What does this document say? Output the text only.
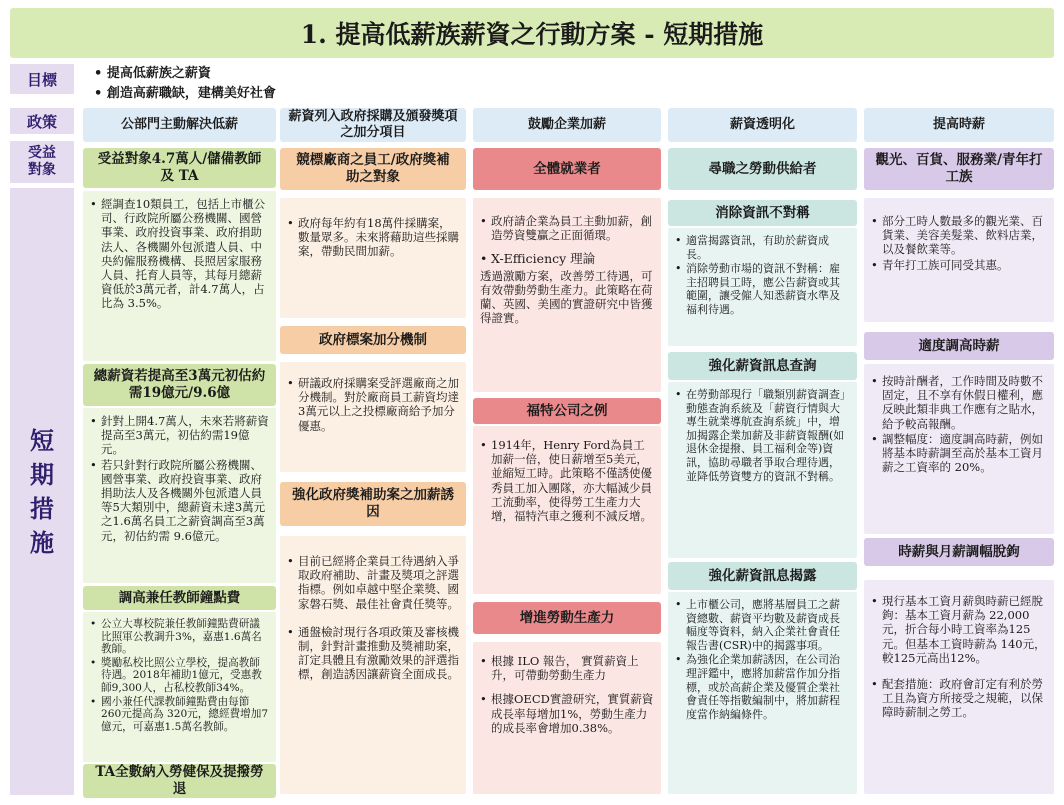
1. 提高低薪族薪資之行動方案 - 短期措施
目標
政策
受益對象
短期措施
• 提高低薪族之薪資
• 創造高薪職缺，建構美好社會
公部門主動解決低薪
薪資列入政府採購及頒發獎項之加分項目
鼓勵企業加薪	薪資透明化	提高時薪
受益對象4.7萬人/儲備教師及 TA
• 經調查10類員工，包括上市櫃公司、行政院所屬公務機關、國營事業、政府投資事業、政府捐助法人、各機關外包派遣人員、中央約僱服務機構、長照居家服務人員、托育人員等，其每月總薪資低於3萬元者，計4.7萬人，占比為 3.5%。
總薪資若提高至3萬元初估約需19億元/9.6億
• 針對上開4.7萬人，未來若將薪資提高至3萬元，初估約需19億元。
• 若只針對行政院所屬公務機關、國營事業、政府投資事業、政府捐助法人及各機關外包派遣人員等5大類別中，總薪資未達3萬元之1.6萬名員工之薪資調高至3萬元，初估約需 9.6億元。
調高兼任教師鐘點費
• 公立大專校院兼任教師鐘點費研議比照軍公教調升3%，嘉惠1.6萬名教師。
• 獎勵私校比照公立學校，提高教師待遇。2018年補助1億元，受惠教師9,300人，占私校教師34%。
• 國小兼任代課教師鐘點費由每節260元提高為 320元，總經費增加7億元，可嘉惠1.5萬名教師。
TA全數納入勞健保及提撥勞退
競標廠商之員工/政府獎補助之對象
• 政府每年約有18萬件採購案，數量眾多。未來將藉助這些採購案，帶動民間加薪。
政府標案加分機制
• 研議政府採購案受評選廠商之加分機制。對於廠商員工薪資均達3萬元以上之投標廠商給予加分優惠。
強化政府獎補助案之加薪誘因
• 目前已經將企業員工待遇納入爭取政府補助、計畫及獎項之評選指標。例如卓越中堅企業獎、國家磐石獎、最佳社會責任獎等。
• 通盤檢討現行各項政策及審核機制，針對計畫推動及獎補助案，訂定具體且有激勵效果的評選指標，創造誘因讓薪資全面成長。
全體就業者
• 政府請企業為員工主動加薪，創造勞資雙贏之正面循環。
• X-Efficiency 理論

透過激勵方案，改善勞工待遇，可有效帶動勞動生產力。此策略在荷蘭、英國、美國的實證研究中皆獲得證實。

福特公司之例
• 1914年，Henry Ford為員工加薪一倍，使日薪增至5美元，並縮短工時。此策略不僅誘使優秀員工加入團隊，亦大幅減少員工流動率，使得勞工生產力大增，福特汽車之獲利不減反增。
增進勞動生產力
• 根據 ILO 報告， 實質薪資上升，可帶動勞動生產力
• 根據OECD實證研究，實質薪資成長率每增加1%，勞動生產力的成長率會增加0.38%。
尋職之勞動供給者
消除資訊不對稱
• 適當揭露資訊，有助於薪資成長。
• 消除勞動市場的資訊不對稱：雇主招聘員工時，應公告薪資或其範圍，讓受僱人知悉薪資水準及福利待遇。
強化薪資訊息查詢
• 在勞動部現行「職類別薪資調查」動態查詢系統及「薪資行情與大專生就業導航查詢系統」中，增加揭露企業加薪及非薪資報酬(如退休金提撥、員工福利金等)資訊，協助尋職者爭取合理待遇，並降低勞資雙方的資訊不對稱。
強化薪資訊息揭露
• 上市櫃公司，應將基層員工之薪資總數、薪資平均數及薪資成長幅度等資料，納入企業社會責任報告書(CSR)中的揭露事項。
• 為強化企業加薪誘因，在公司治理評鑑中，應將加薪當作加分指標，或於高薪企業及優質企業社會責任等指數編制中，將加薪程度當作納編條件。
觀光、百貨、服務業/青年打工族
• 部分工時人數最多的觀光業、百貨業、美容美髮業、飲料店業，以及餐飲業等。
• 青年打工族可同受其惠。
適度調高時薪
• 按時計酬者，工作時間及時數不固定，且不享有休假日權利，應反映此類非典工作應有之貼水，給予較高報酬。
• 調整幅度：適度調高時薪，例如將基本時薪調至高於基本工資月薪之工資率的 20%。
時薪與月薪調幅脫鉤
• 現行基本工資月薪與時薪已經脫鉤：基本工資月薪為 22,000元，折合每小時工資率為125元。但基本工資時薪為 140元，較125元高出12%。
• 配套措施：政府會訂定有利於勞工且為資方所接受之規範，以保障時薪制之勞工。
